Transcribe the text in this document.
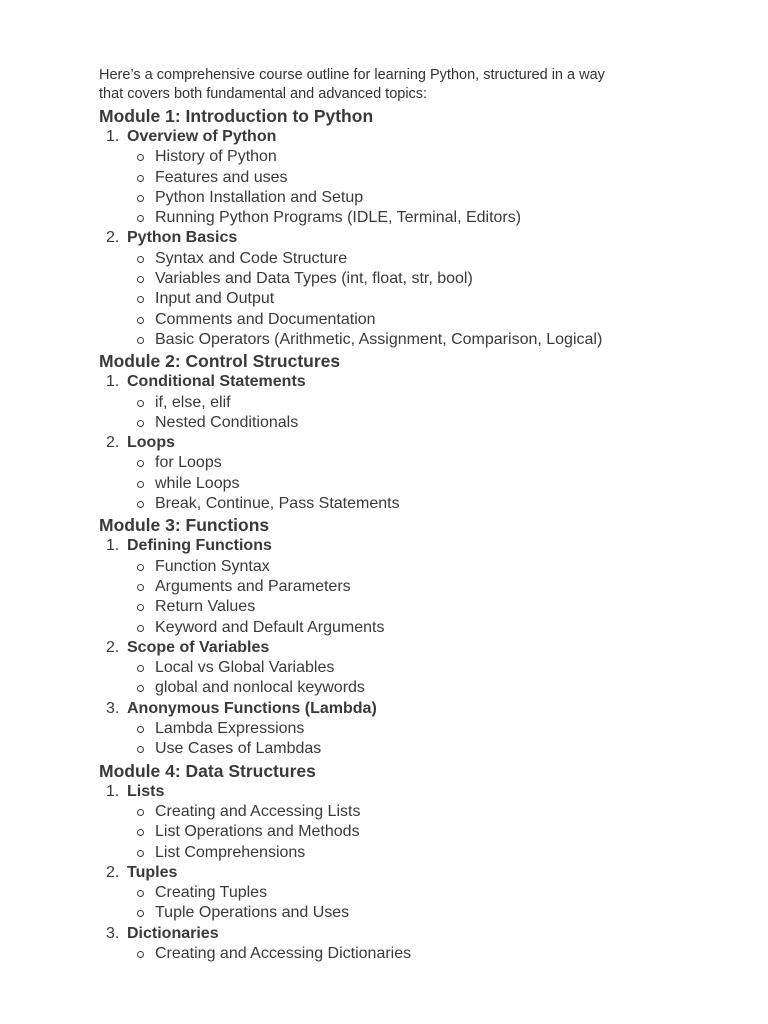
Here’s a comprehensive course outline for learning Python, structured in a way
that covers both fundamental and advanced topics:

Module 1: Introduction to Python
1. Overview of Python
History of Python
Features and uses
Python Installation and Setup
Running Python Programs (IDLE, Terminal, Editors)
2. Python Basics
Syntax and Code Structure
Variables and Data Types (int, float, str, bool)
Input and Output
Comments and Documentation
Basic Operators (Arithmetic, Assignment, Comparison, Logical)
Module 2: Control Structures
1. Conditional Statements
if, else, elif
Nested Conditionals
2. Loops
for Loops
while Loops
Break, Continue, Pass Statements
Module 3: Functions
1. Defining Functions
Function Syntax
Arguments and Parameters
Return Values
Keyword and Default Arguments
2. Scope of Variables
Local vs Global Variables
global and nonlocal keywords
3. Anonymous Functions (Lambda)
Lambda Expressions
Use Cases of Lambdas
Module 4: Data Structures
1. Lists
Creating and Accessing Lists
List Operations and Methods
List Comprehensions
2. Tuples
Creating Tuples
Tuple Operations and Uses
3. Dictionaries
Creating and Accessing Dictionaries
